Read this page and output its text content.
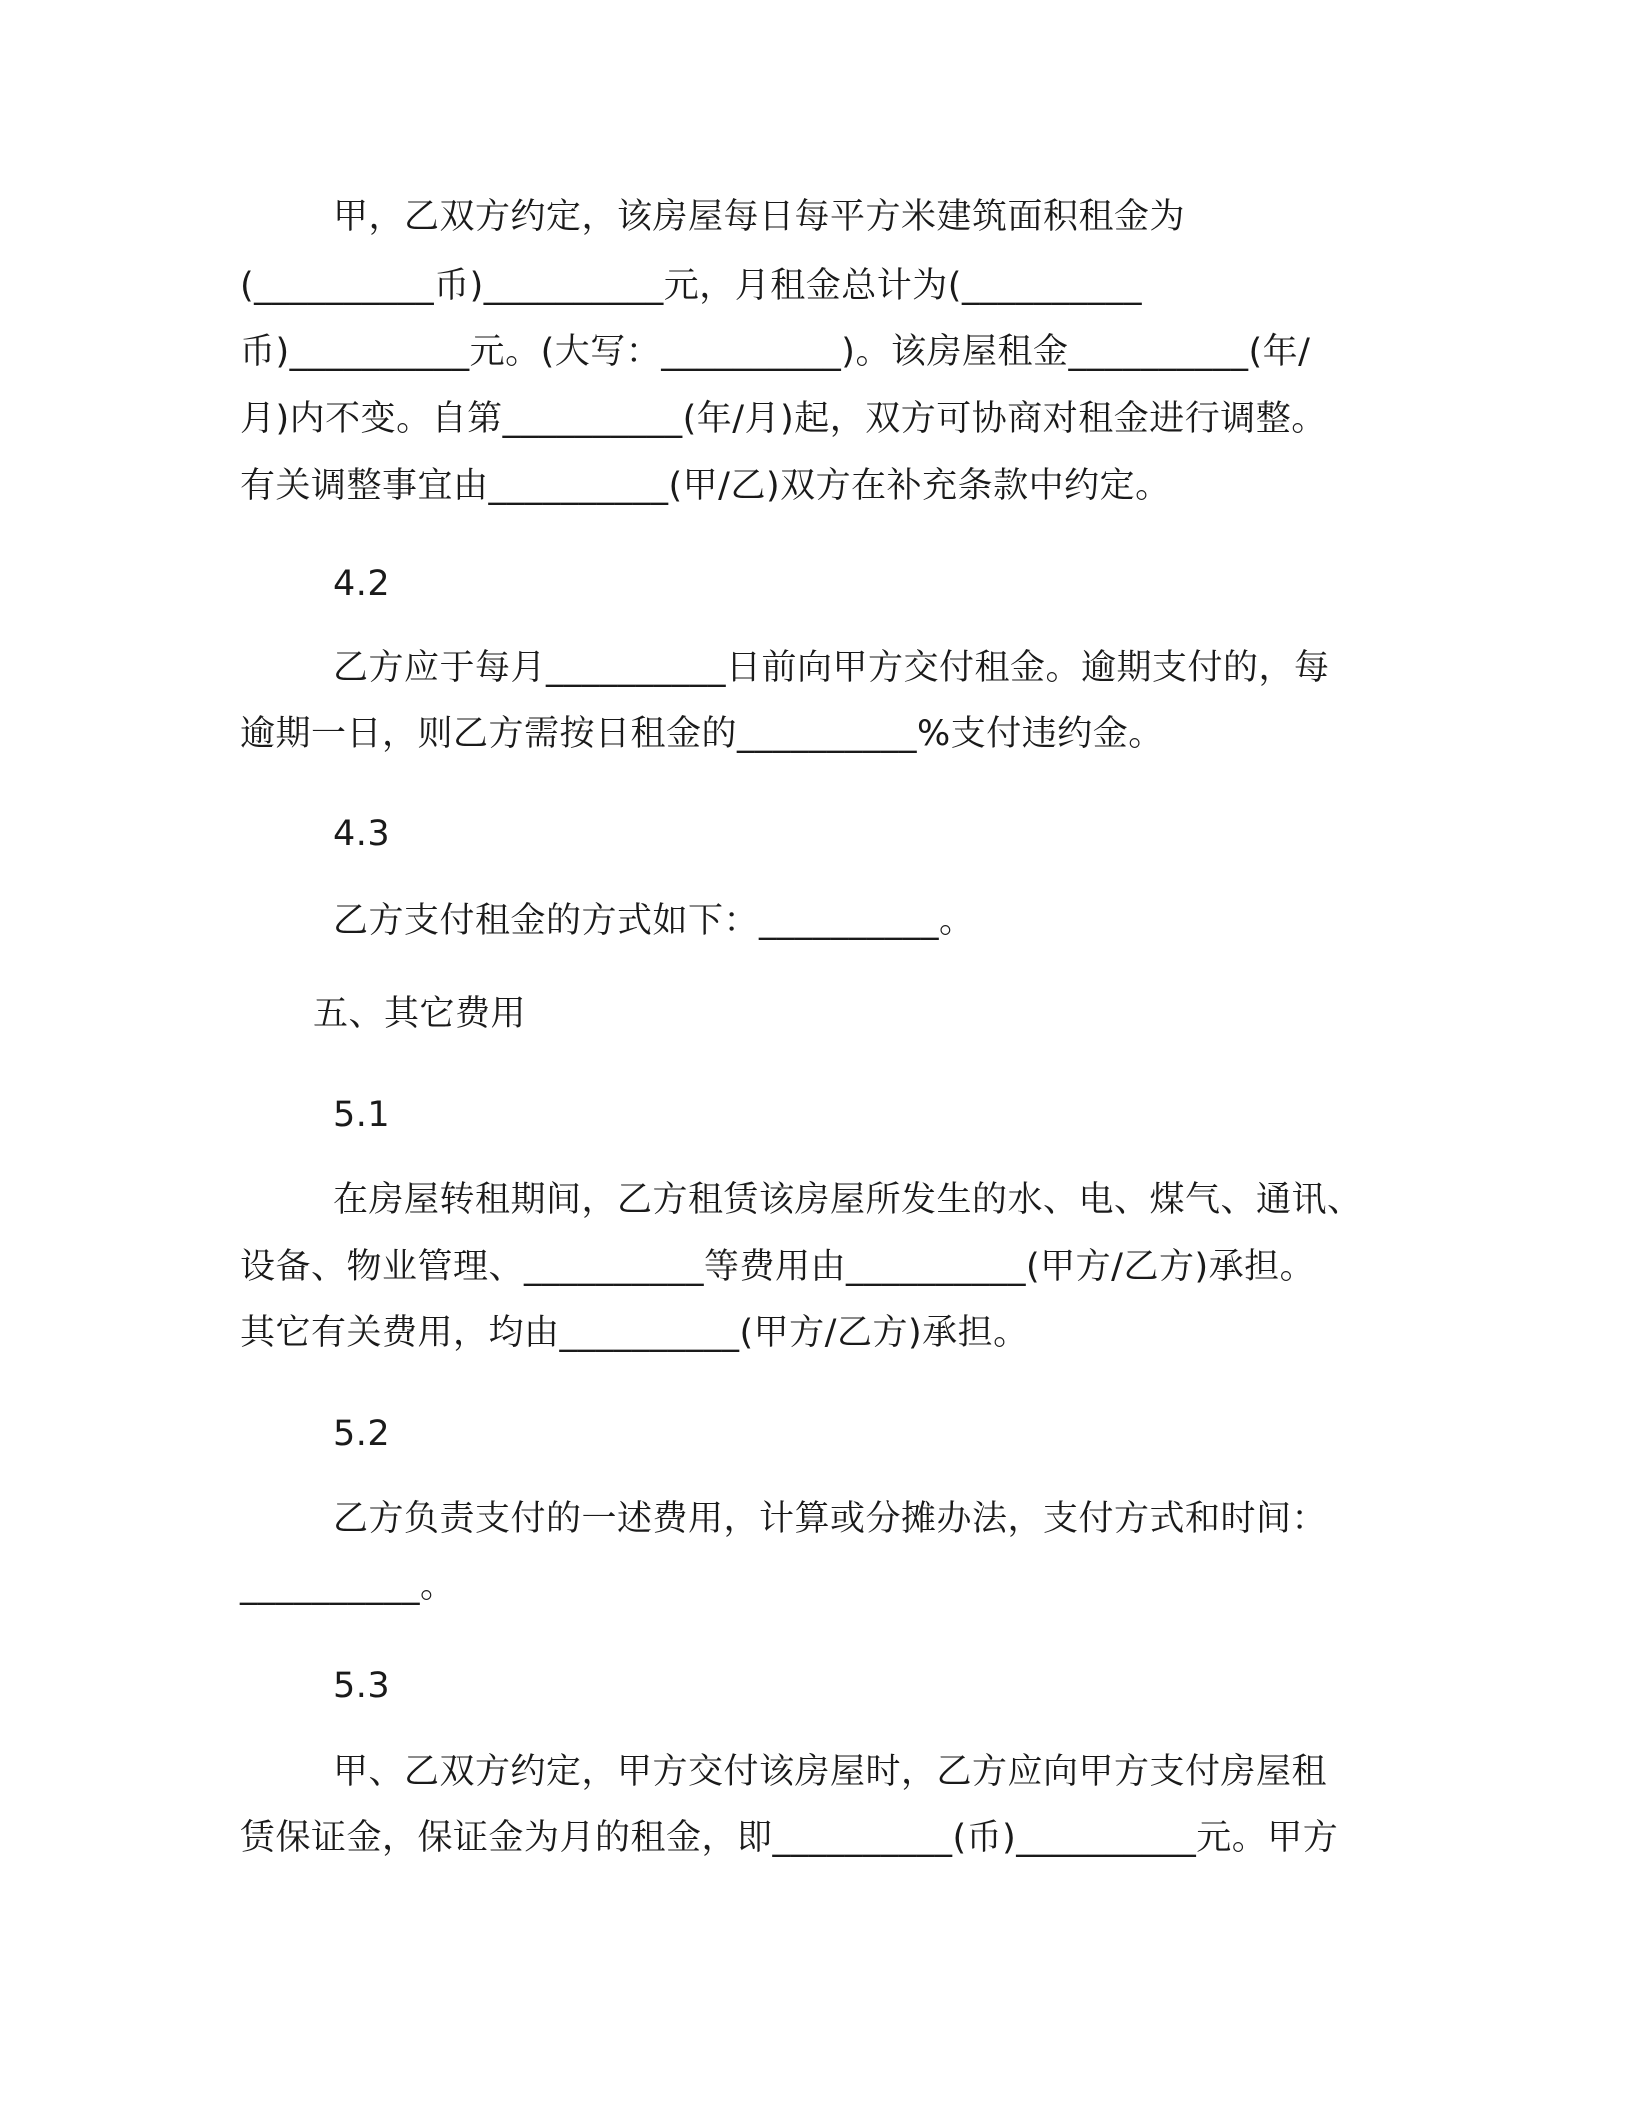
甲，乙双方约定，该房屋每日每平方米建筑面积租金为
(__________币)__________元，月租金总计为(__________
币)__________元。(大写：__________)。该房屋租金__________(年/
月)内不变。自第__________(年/月)起，双方可协商对租金进行调整。
有关调整事宜由__________(甲/乙)双方在补充条款中约定。
4.2
乙方应于每月__________日前向甲方交付租金。逾期支付的，每
逾期一日，则乙方需按日租金的__________%支付违约金。
4.3
乙方支付租金的方式如下：__________。
五、其它费用
5.1
在房屋转租期间，乙方租赁该房屋所发生的水、电、煤气、通讯、
设备、物业管理、__________等费用由__________(甲方/乙方)承担。
其它有关费用，均由__________(甲方/乙方)承担。
5.2
乙方负责支付的一述费用，计算或分摊办法，支付方式和时间：
__________。
5.3
甲、乙双方约定，甲方交付该房屋时，乙方应向甲方支付房屋租
赁保证金，保证金为月的租金，即__________(币)__________元。甲方
